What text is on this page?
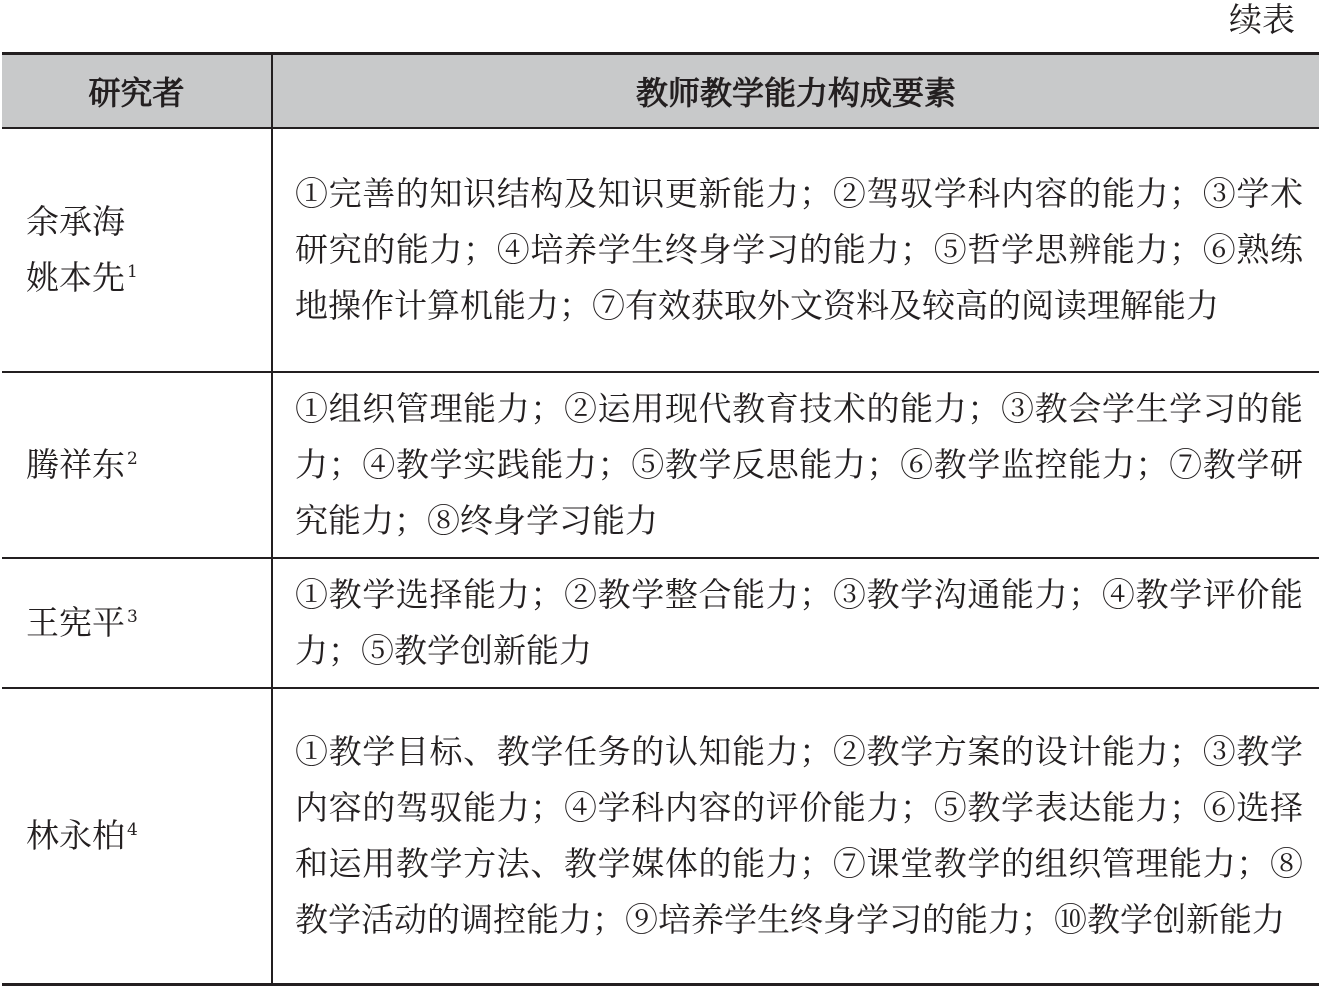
续表
研究者	教师教学能力构成要素

余承海
姚本先 $^1$	①完善的知识结构及知识更新能力；②驾驭学科内容的能力；③学术研究的能力；④培养学生终身学习的能力；⑤哲学思辨能力；⑥熟练地操作计算机能力；⑦有效获取外文资料及较高的阅读理解能力

腾祥东 $^2$	①组织管理能力；②运用现代教育技术的能力；③教会学生学习的能力；④教学实践能力；⑤教学反思能力；⑥教学监控能力；⑦教学研究能力；⑧终身学习能力

王宪平 $^3$	①教学选择能力；②教学整合能力；③教学沟通能力；④教学评价能力；⑤教学创新能力

林永柏 $^4$	①教学目标、教学任务的认知能力；②教学方案的设计能力；③教学内容的驾驭能力；④学科内容的评价能力；⑤教学表达能力；⑥选择和运用教学方法、教学媒体的能力；⑦课堂教学的组织管理能力；⑧教学活动的调控能力；⑨培养学生终身学习的能力；⑩教学创新能力
